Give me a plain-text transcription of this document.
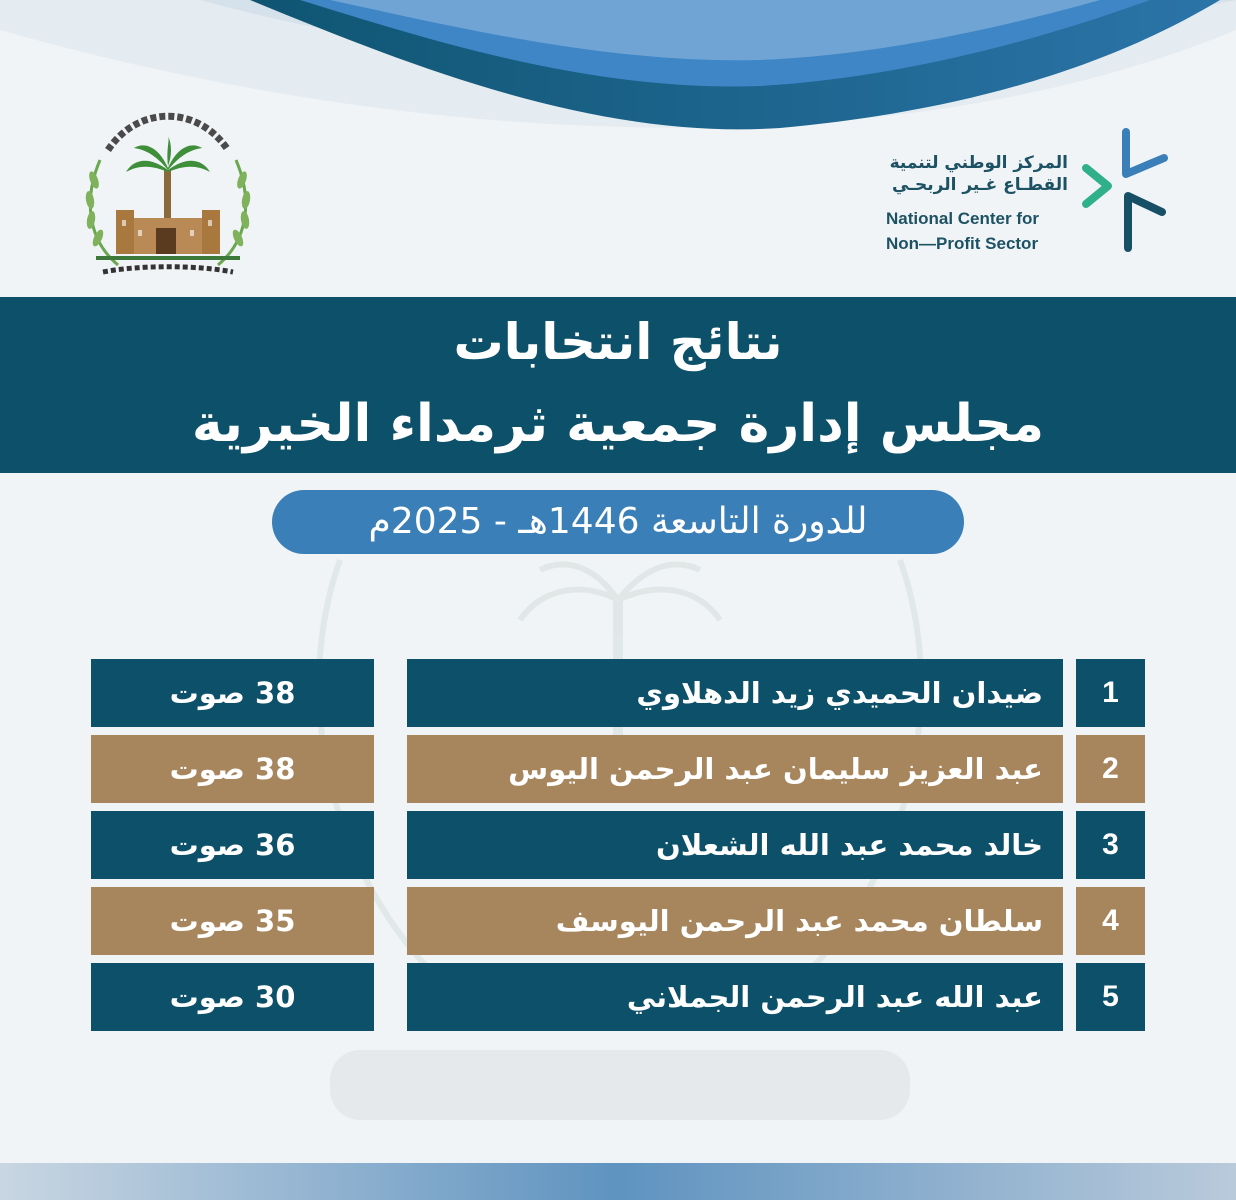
المركز الوطني لتنمية
القطـاع غـير الربحـي
National Center for
Non—Profit Sector
نتائج انتخابات
مجلس إدارة جمعية ثرمداء الخيرية
للدورة التاسعة 1446هـ - 2025م
1
ضيدان الحميدي زيد الدهلاوي
38 صوت
2
عبد العزيز سليمان عبد الرحمن اليوس
38 صوت
3
خالد محمد عبد الله الشعلان
36 صوت
4
سلطان محمد عبد الرحمن اليوسف
35 صوت
5
عبد الله عبد الرحمن الجملاني
30 صوت
